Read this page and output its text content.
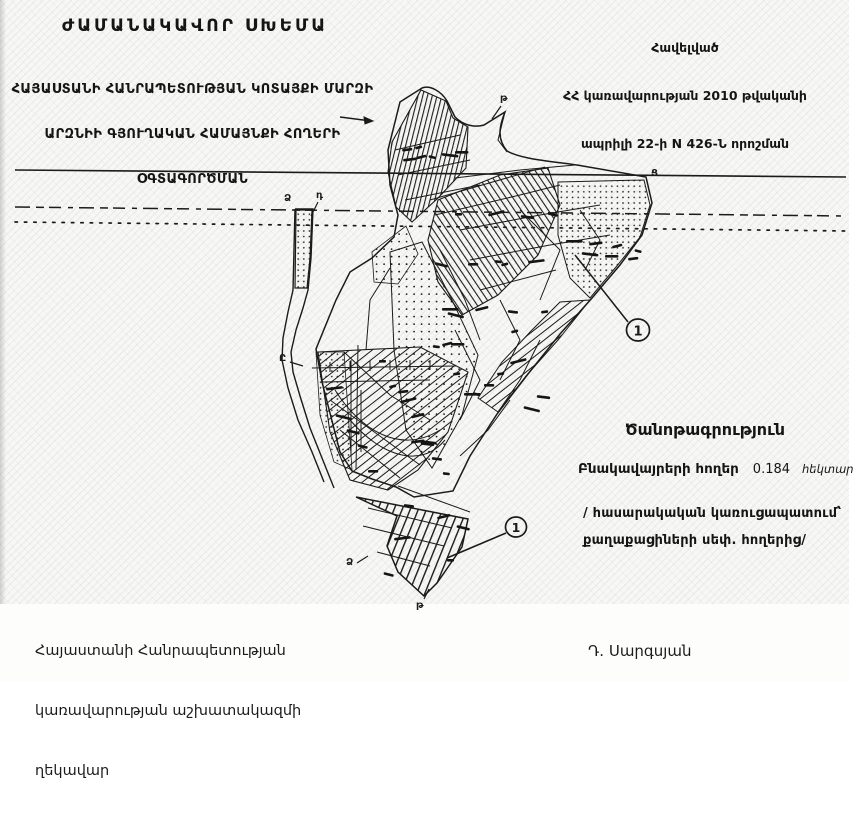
1
1
թ
Ձ դ
Ց
Ը
Ձ
թ
ԺԱՄԱՆԱԿԱՎՈՐ ՍԽԵՄԱ

ՀԱՅԱՍՏԱՆԻ ՀԱՆՐԱՊԵՏՈՒԹՅԱՆ ԿՈՏԱՅՔԻ ՄԱՐԶԻ

ԱՐԶՆԻԻ ԳՅՈՒՂԱԿԱՆ ՀԱՄԱՅՆՔԻ ՀՈՂԵՐԻ

ՕԳՏԱԳՈՐԾՄԱՆ

Հավելված

ՀՀ կառավարության 2010 թվականի

ապրիլի 22-ի N 426-Ն որոշման

Ծանոթագրություն
Բնակավայրերի հողեր 0.184 հեկտար
/ հասարակական կառուցապատում՝
քաղաքացիների սեփ. հողերից/

Հայաստանի Հանրապետության

կառավարության աշխատակազմի

ղեկավար

Դ. Սարգսյան
